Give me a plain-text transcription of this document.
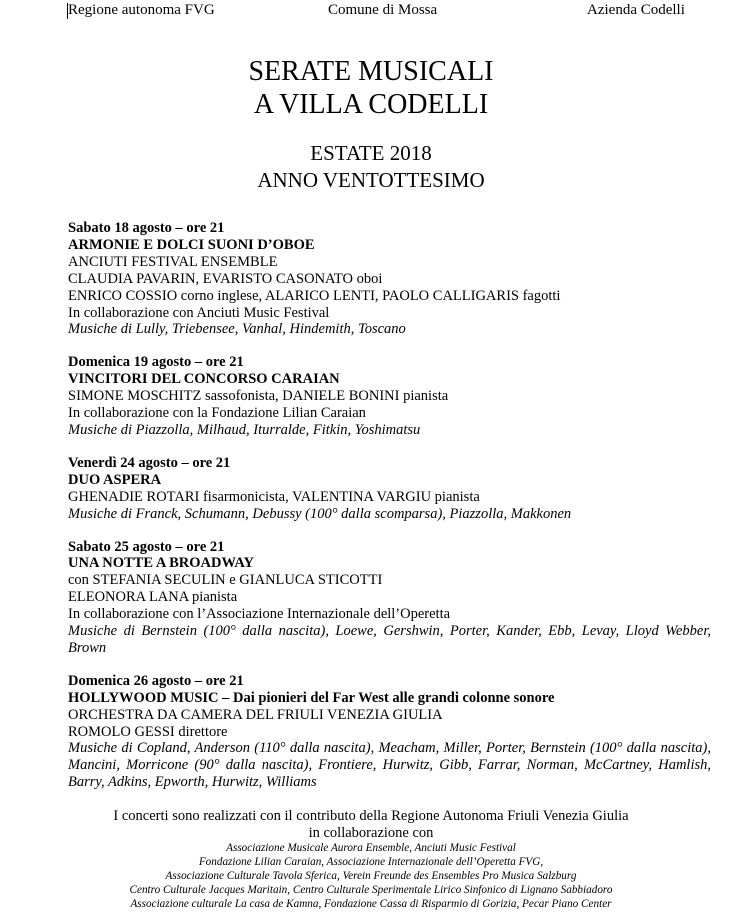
Regione autonoma FVG	Comune di Mossa	Azienda Codelli
SERATE MUSICALI
A VILLA CODELLI
ESTATE 2018
ANNO VENTOTTESIMO
Sabato 18 agosto – ore 21
ARMONIE E DOLCI SUONI D’OBOE
ANCIUTI FESTIVAL ENSEMBLE
CLAUDIA PAVARIN, EVARISTO CASONATO oboi
ENRICO COSSIO corno inglese, ALARICO LENTI, PAOLO CALLIGARIS fagotti
In collaborazione con Anciuti Music Festival
Musiche di Lully, Triebensee, Vanhal, Hindemith, Toscano
Domenica 19 agosto – ore 21
VINCITORI DEL CONCORSO CARAIAN
SIMONE MOSCHITZ sassofonista, DANIELE BONINI pianista
In collaborazione con la Fondazione Lilian Caraian
Musiche di Piazzolla, Milhaud, Iturralde, Fitkin, Yoshimatsu
Venerdì 24 agosto – ore 21
DUO ASPERA
GHENADIE ROTARI fisarmonicista, VALENTINA VARGIU pianista
Musiche di Franck, Schumann, Debussy (100° dalla scomparsa), Piazzolla, Makkonen
Sabato 25 agosto – ore 21
UNA NOTTE A BROADWAY
con STEFANIA SECULIN e GIANLUCA STICOTTI
ELEONORA LANA pianista
In collaborazione con l’Associazione Internazionale dell’Operetta
Musiche di Bernstein (100° dalla nascita), Loewe, Gershwin, Porter, Kander, Ebb, Levay, Lloyd Webber, Brown
Domenica 26 agosto – ore 21
HOLLYWOOD MUSIC – Dai pionieri del Far West alle grandi colonne sonore
ORCHESTRA DA CAMERA DEL FRIULI VENEZIA GIULIA
ROMOLO GESSI direttore
Musiche di Copland, Anderson (110° dalla nascita), Meacham, Miller, Porter, Bernstein (100° dalla nascita), Mancini, Morricone (90° dalla nascita), Frontiere, Hurwitz, Gibb, Farrar, Norman, McCartney, Hamlish, Barry, Adkins, Epworth, Hurwitz, Williams
I concerti sono realizzati con il contributo della Regione Autonoma Friuli Venezia Giulia
in collaborazione con
Associazione Musicale Aurora Ensemble, Anciuti Music Festival
Fondazione Lilian Caraian, Associazione Internazionale dell’Operetta FVG,
Associazione Culturale Tavola Sferica, Verein Freunde des Ensembles Pro Musica Salzburg
Centro Culturale Jacques Maritain, Centro Culturale Sperimentale Lirico Sinfonico di Lignano Sabbiadoro
Associazione culturale La casa de Kamna, Fondazione Cassa di Risparmio di Gorizia, Pecar Piano Center
